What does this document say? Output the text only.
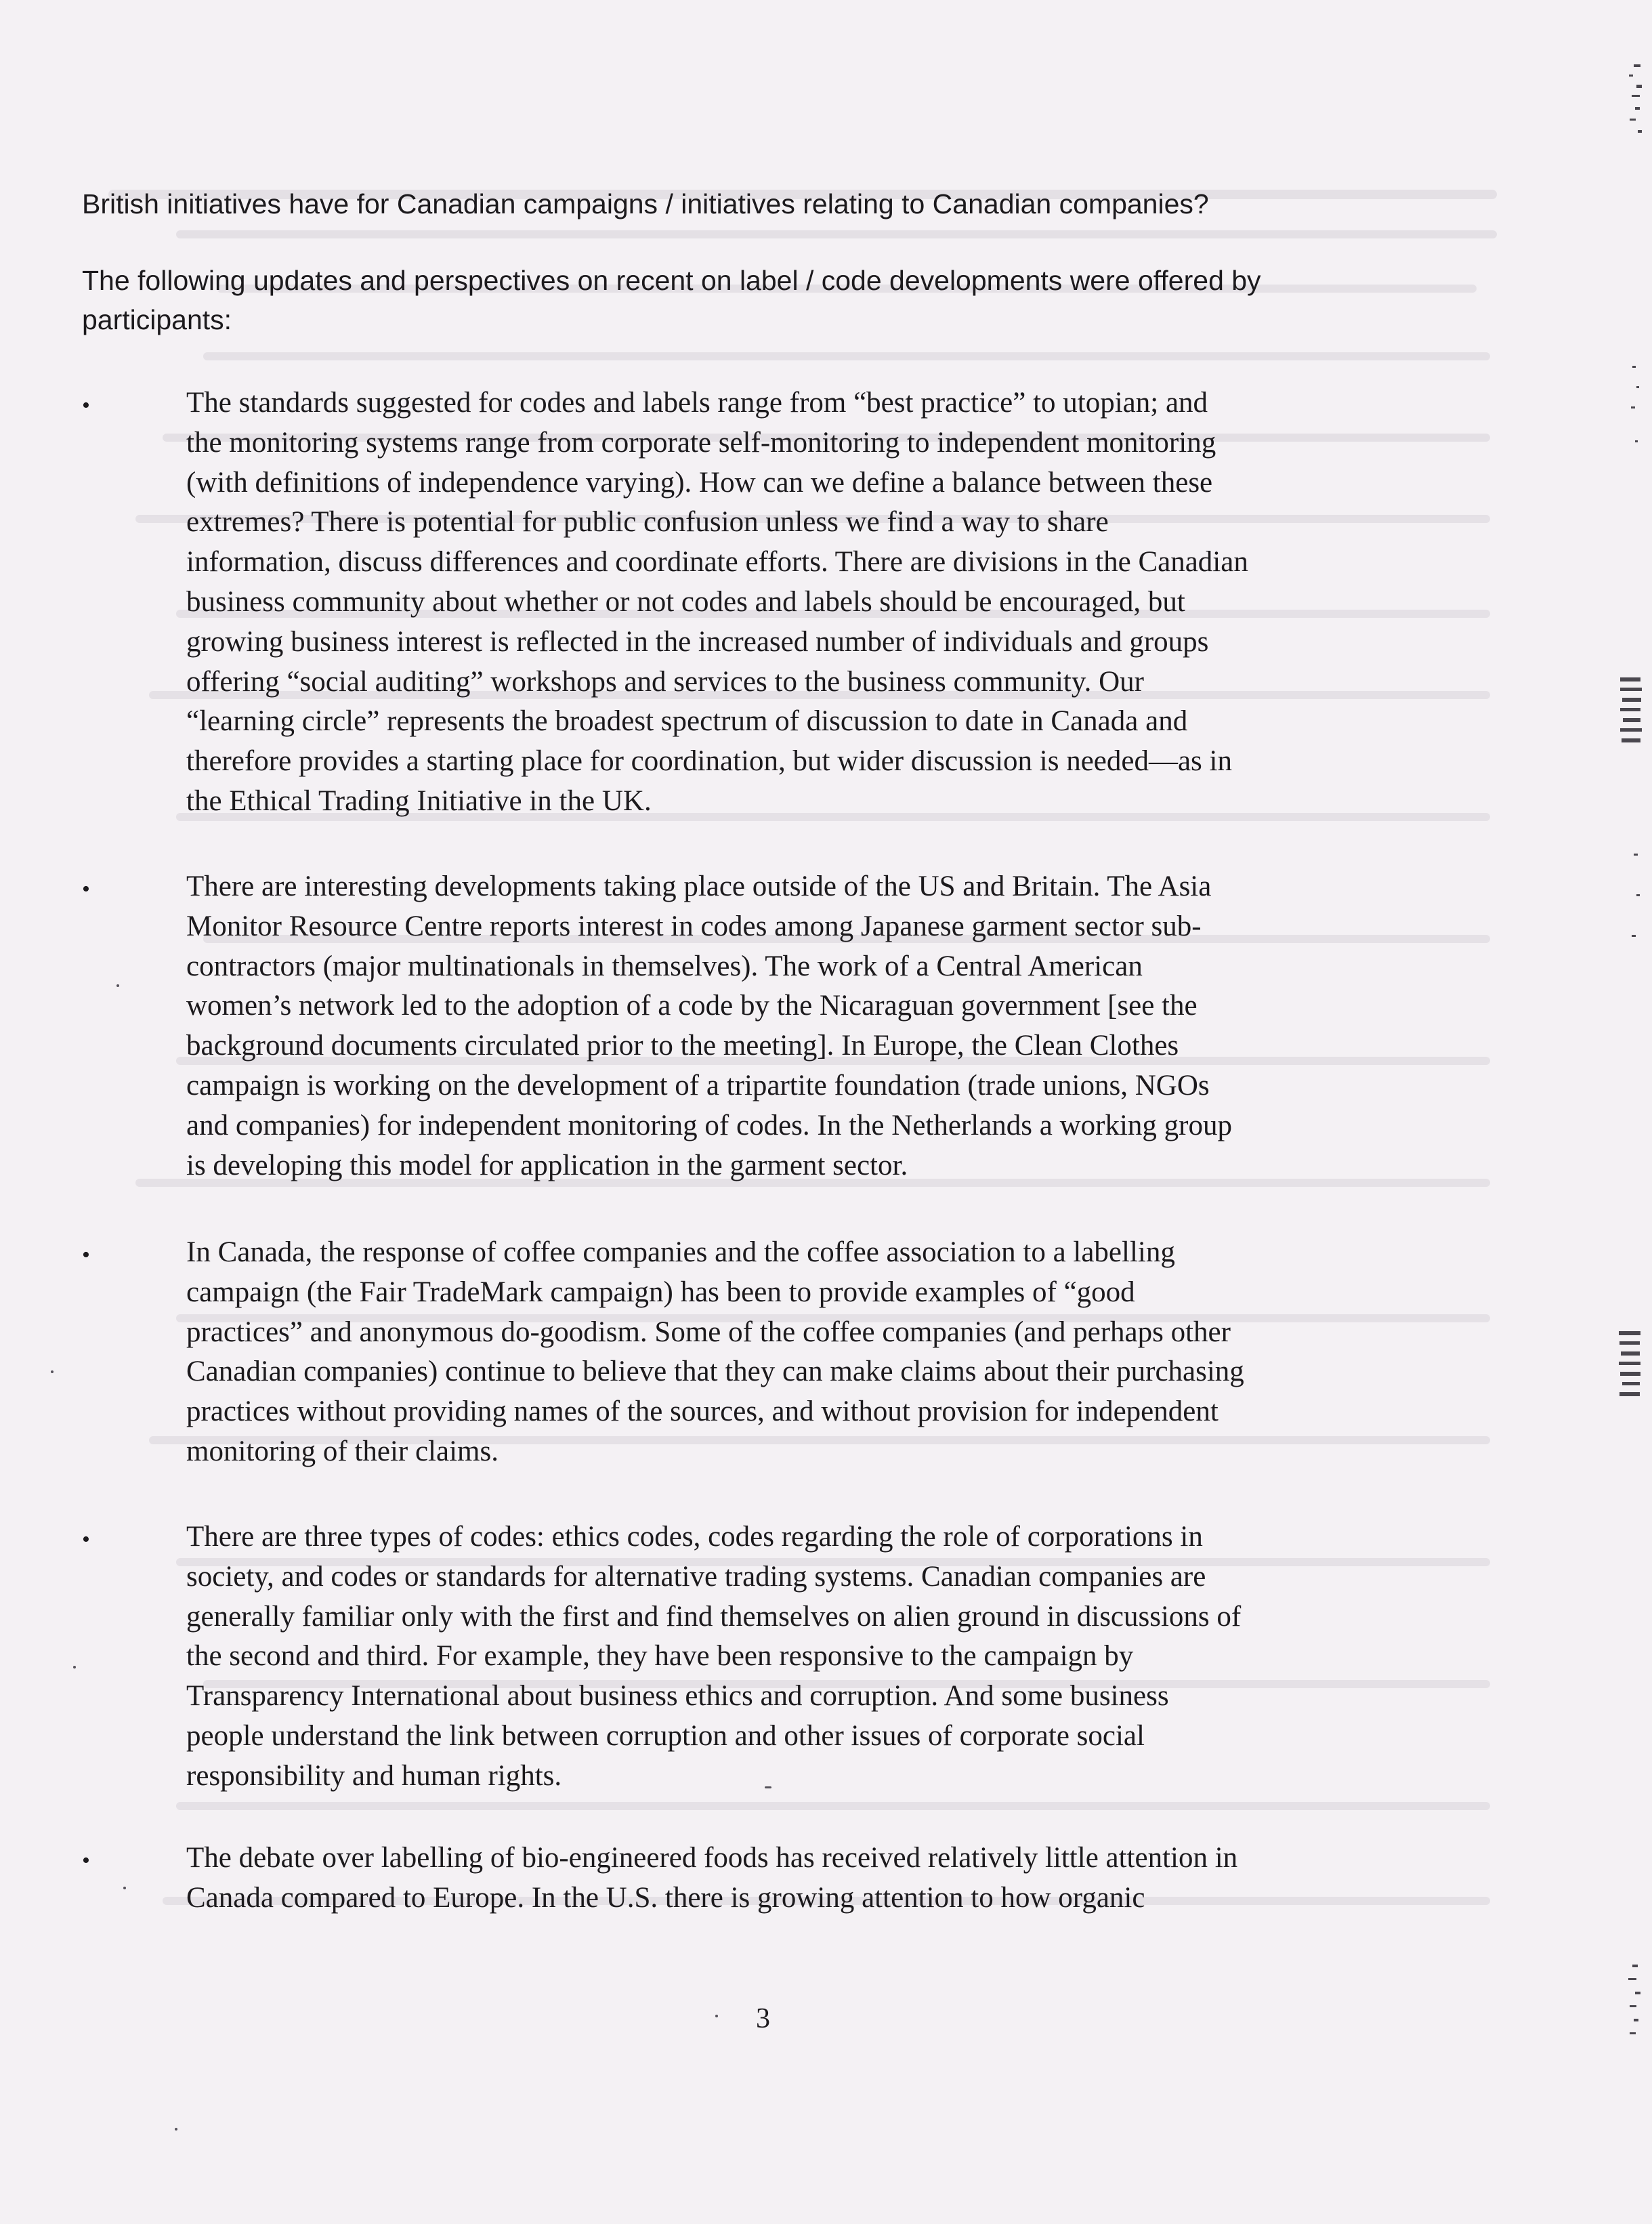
British initiatives have for Canadian campaigns / initiatives relating to Canadian companies?
The following updates and perspectives on recent on label / code developments were offered by
participants:
•	The standards suggested for codes and labels range from “best practice” to utopian; and
the monitoring systems range from corporate self-monitoring to independent monitoring
(with definitions of independence varying). How can we define a balance between these
extremes? There is potential for public confusion unless we find a way to share
information, discuss differences and coordinate efforts. There are divisions in the Canadian
business community about whether or not codes and labels should be encouraged, but
growing business interest is reflected in the increased number of individuals and groups
offering “social auditing” workshops and services to the business community. Our
“learning circle” represents the broadest spectrum of discussion to date in Canada and
therefore provides a starting place for coordination, but wider discussion is needed—as in
the Ethical Trading Initiative in the UK.
•	There are interesting developments taking place outside of the US and Britain. The Asia
Monitor Resource Centre reports interest in codes among Japanese garment sector sub-
contractors (major multinationals in themselves). The work of a Central American
women’s network led to the adoption of a code by the Nicaraguan government [see the
background documents circulated prior to the meeting]. In Europe, the Clean Clothes
campaign is working on the development of a tripartite foundation (trade unions, NGOs
and companies) for independent monitoring of codes. In the Netherlands a working group
is developing this model for application in the garment sector.
•	In Canada, the response of coffee companies and the coffee association to a labelling
campaign (the Fair TradeMark campaign) has been to provide examples of “good
practices” and anonymous do-goodism. Some of the coffee companies (and perhaps other
Canadian companies) continue to believe that they can make claims about their purchasing
practices without providing names of the sources, and without provision for independent
monitoring of their claims.
•	There are three types of codes: ethics codes, codes regarding the role of corporations in
society, and codes or standards for alternative trading systems. Canadian companies are
generally familiar only with the first and find themselves on alien ground in discussions of
the second and third. For example, they have been responsive to the campaign by
Transparency International about business ethics and corruption. And some business
people understand the link between corruption and other issues of corporate social
responsibility and human rights.
•	The debate over labelling of bio-engineered foods has received relatively little attention in
Canada compared to Europe. In the U.S. there is growing attention to how organic
3
